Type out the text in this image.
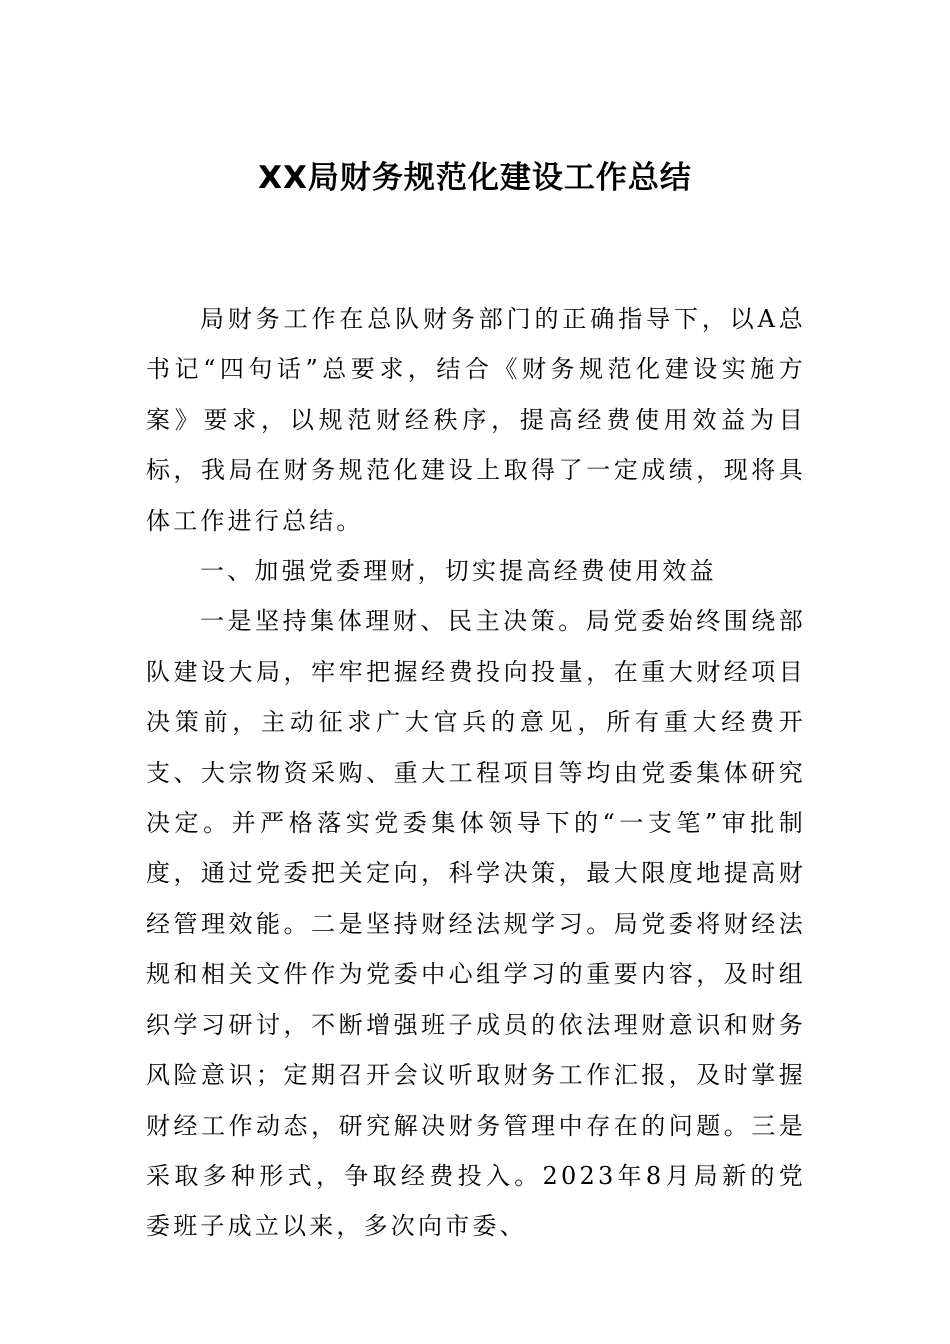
XX局财务规范化建设工作总结

局财务工作在总队财务部门的正确指导下，以A总书记“四句话”总要求，结合《财务规范化建设实施方案》要求，以规范财经秩序，提高经费使用效益为目标，我局在财务规范化建设上取得了一定成绩，现将具体工作进行总结。

一、加强党委理财，切实提高经费使用效益

一是坚持集体理财、民主决策。局党委始终围绕部队建设大局，牢牢把握经费投向投量，在重大财经项目决策前，主动征求广大官兵的意见，所有重大经费开支、大宗物资采购、重大工程项目等均由党委集体研究决定。并严格落实党委集体领导下的“一支笔”审批制度，通过党委把关定向，科学决策，最大限度地提高财经管理效能。二是坚持财经法规学习。局党委将财经法规和相关文件作为党委中心组学习的重要内容，及时组织学习研讨，不断增强班子成员的依法理财意识和财务风险意识；定期召开会议听取财务工作汇报，及时掌握财经工作动态，研究解决财务管理中存在的问题。三是采取多种形式，争取经费投入。2023年8月局新的党委班子成立以来，多次向市委、
